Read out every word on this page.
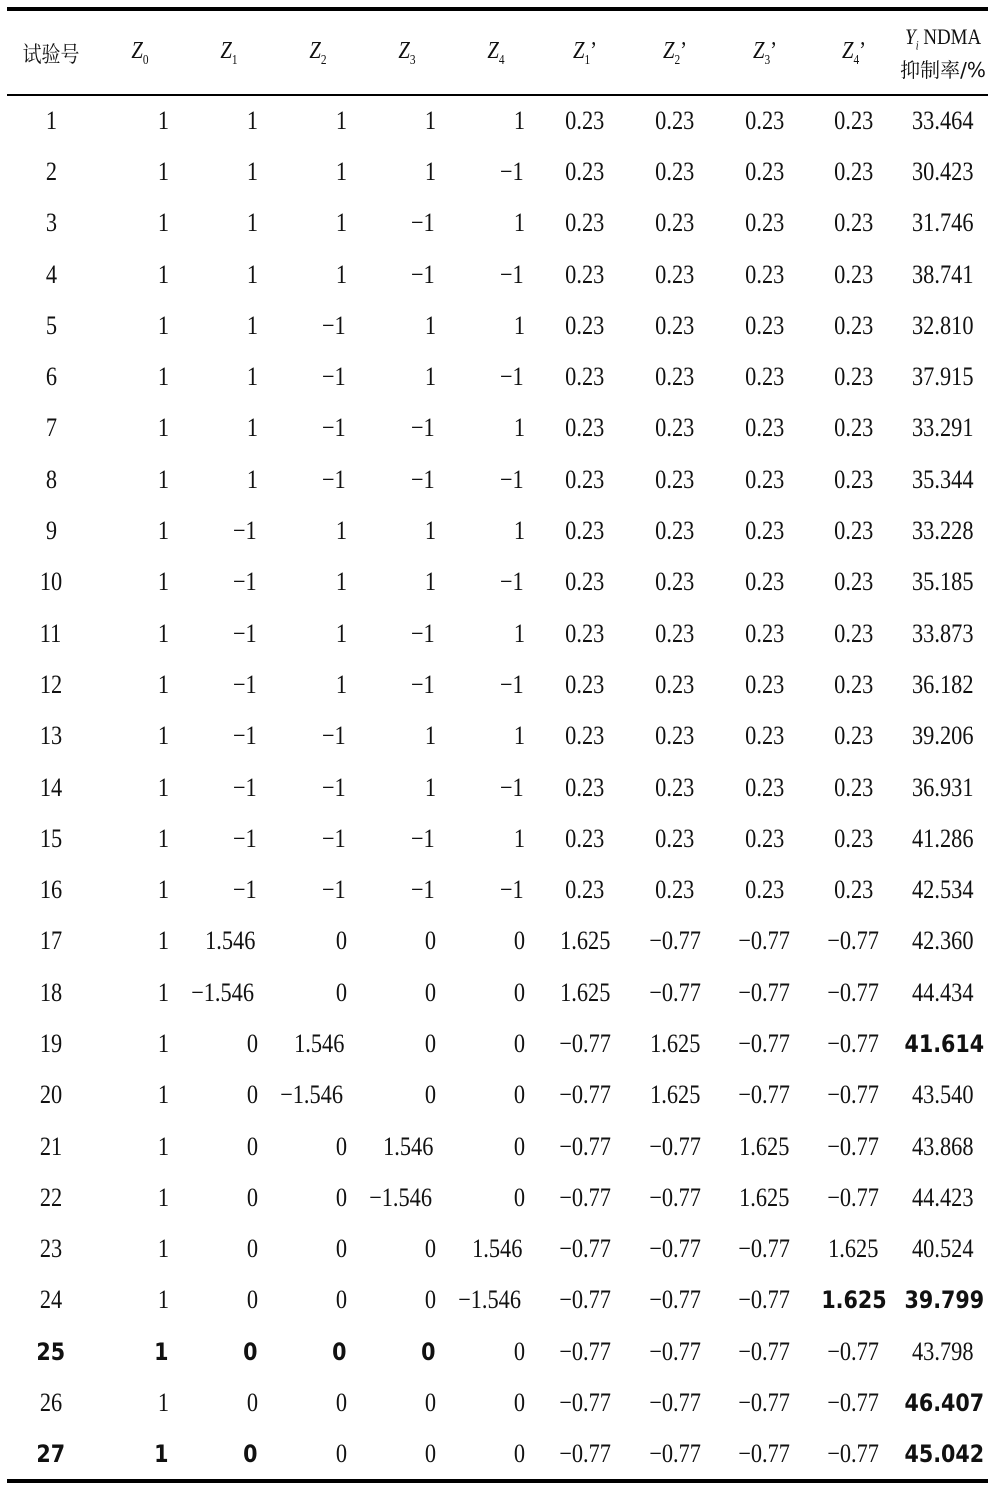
试验号	$Z_0$	$Z_1$	$Z_2$	$Z_3$	$Z_4$	$Z_1$’	$Z_2$’	$Z_3$’	$Z_4$’	$Y_i$ NDMA
抑制率/%

1	1	1	1	1	1	0.23	0.23	0.23	0.23	33.464
2	1	1	1	1	−1	0.23	0.23	0.23	0.23	30.423
3	1	1	1	−1	1	0.23	0.23	0.23	0.23	31.746
4	1	1	1	−1	−1	0.23	0.23	0.23	0.23	38.741
5	1	1	−1	1	1	0.23	0.23	0.23	0.23	32.810
6	1	1	−1	1	−1	0.23	0.23	0.23	0.23	37.915
7	1	1	−1	−1	1	0.23	0.23	0.23	0.23	33.291
8	1	1	−1	−1	−1	0.23	0.23	0.23	0.23	35.344
9	1	−1	1	1	1	0.23	0.23	0.23	0.23	33.228
10	1	−1	1	1	−1	0.23	0.23	0.23	0.23	35.185
11	1	−1	1	−1	1	0.23	0.23	0.23	0.23	33.873
12	1	−1	1	−1	−1	0.23	0.23	0.23	0.23	36.182
13	1	−1	−1	1	1	0.23	0.23	0.23	0.23	39.206
14	1	−1	−1	1	−1	0.23	0.23	0.23	0.23	36.931
15	1	−1	−1	−1	1	0.23	0.23	0.23	0.23	41.286
16	1	−1	−1	−1	−1	0.23	0.23	0.23	0.23	42.534
17	1	1.546	0	0	0	1.625	−0.77	−0.77	−0.77	42.360
18	1	−1.546	0	0	0	1.625	−0.77	−0.77	−0.77	44.434
19	1	0	1.546	0	0	−0.77	1.625	−0.77	−0.77	41.614
20	1	0	−1.546	0	0	−0.77	1.625	−0.77	−0.77	43.540
21	1	0	0	1.546	0	−0.77	−0.77	1.625	−0.77	43.868
22	1	0	0	−1.546	0	−0.77	−0.77	1.625	−0.77	44.423
23	1	0	0	0	1.546	−0.77	−0.77	−0.77	1.625	40.524
24	1	0	0	0	−1.546	−0.77	−0.77	−0.77	1.625	39.799
25	1	0	0	0	0	−0.77	−0.77	−0.77	−0.77	43.798
26	1	0	0	0	0	−0.77	−0.77	−0.77	−0.77	46.407
27	1	0	0	0	0	−0.77	−0.77	−0.77	−0.77	45.042
